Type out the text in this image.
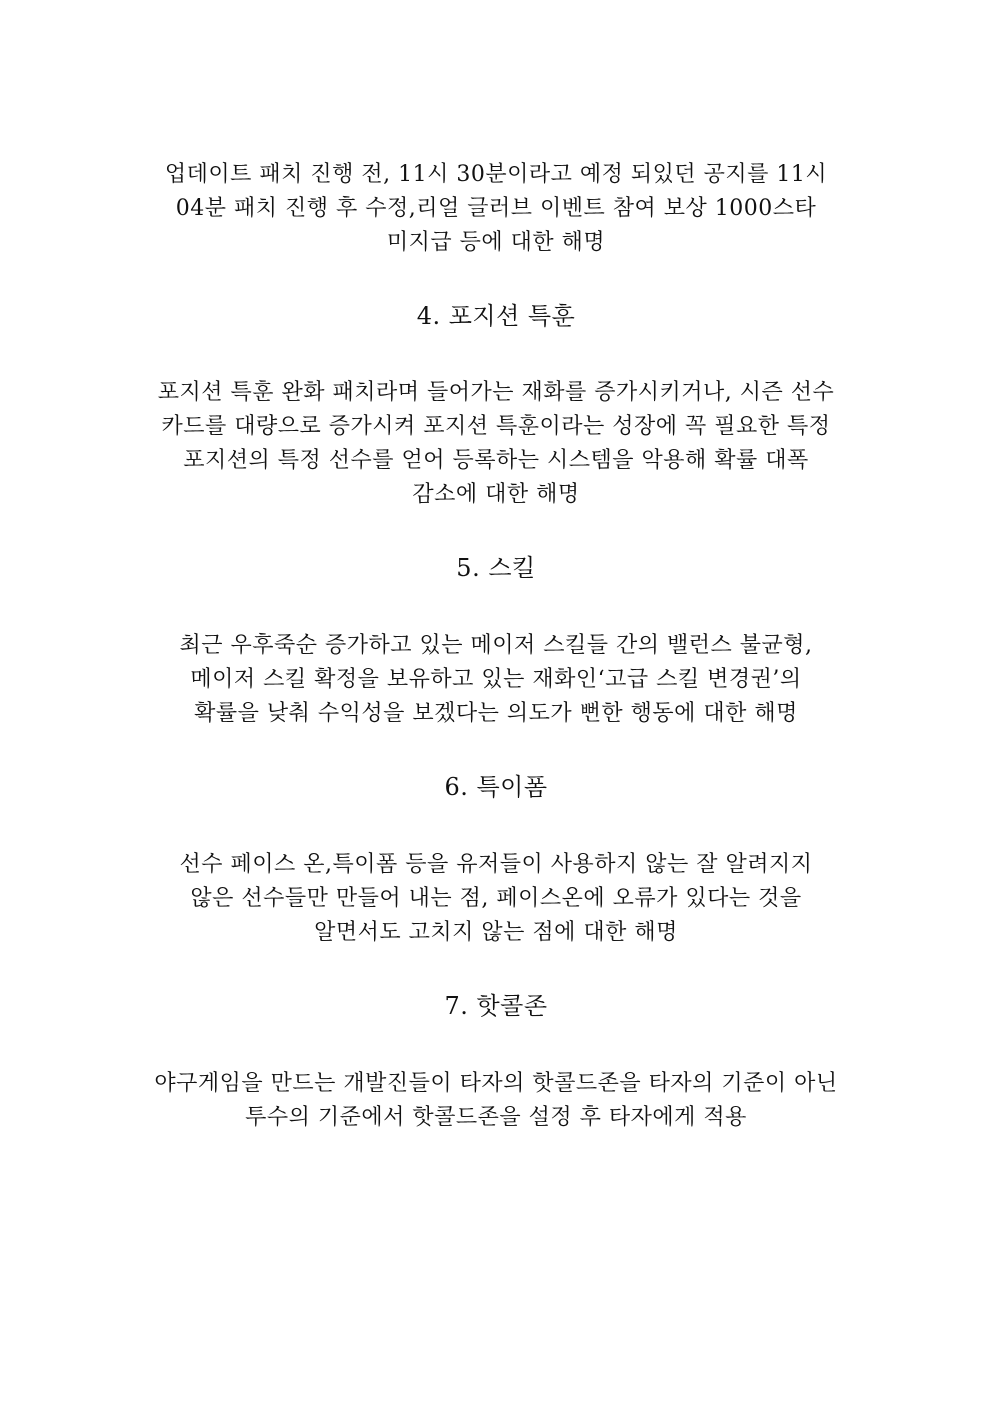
업데이트 패치 진행 전, 11시 30분이라고 예정 되있던 공지를 11시
04분 패치 진행 후 수정,리얼 글러브 이벤트 참여 보상 1000스타
미지급 등에 대한 해명
4. 포지션 특훈
포지션 특훈 완화 패치라며 들어가는 재화를 증가시키거나, 시즌 선수
카드를 대량으로 증가시켜 포지션 특훈이라는 성장에 꼭 필요한 특정
포지션의 특정 선수를 얻어 등록하는 시스템을 악용해 확률 대폭
감소에 대한 해명
5. 스킬
최근 우후죽순 증가하고 있는 메이저 스킬들 간의 밸런스 불균형,
메이저 스킬 확정을 보유하고 있는 재화인‘고급 스킬 변경권’의
확률을 낮춰 수익성을 보겠다는 의도가 뻔한 행동에 대한 해명
6. 특이폼
선수 페이스 온,특이폼 등을 유저들이 사용하지 않는 잘 알려지지
않은 선수들만 만들어 내는 점, 페이스온에 오류가 있다는 것을
알면서도 고치지 않는 점에 대한 해명
7. 핫콜존
야구게임을 만드는 개발진들이 타자의 핫콜드존을 타자의 기준이 아닌
투수의 기준에서 핫콜드존을 설정 후 타자에게 적용
